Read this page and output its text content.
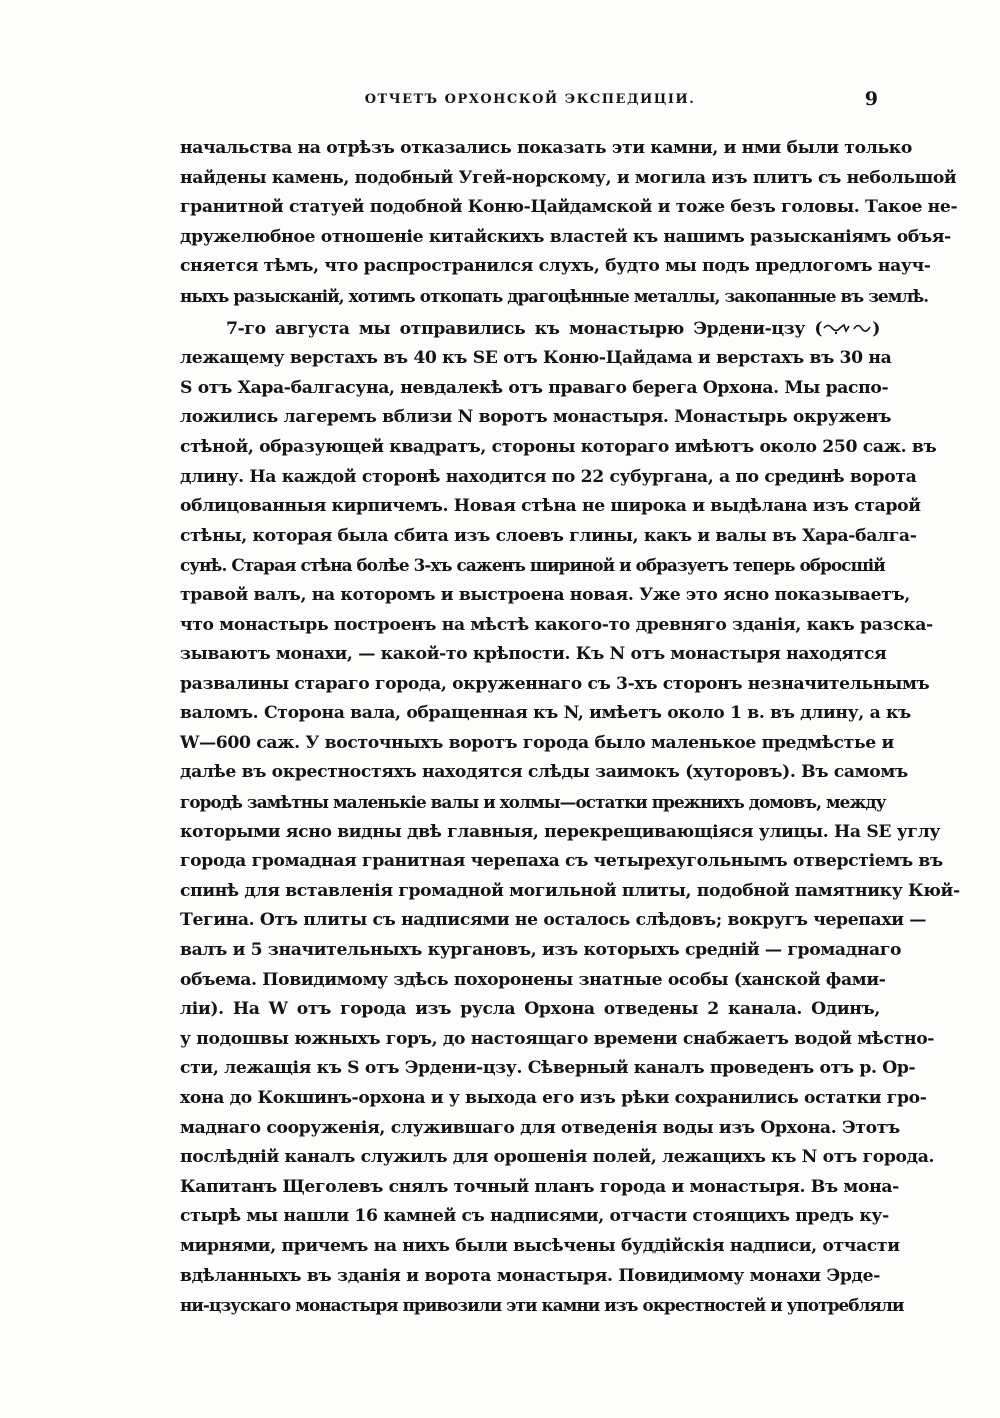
ОТЧЕТЪ ОРХОНСКОЙ ЭКСПЕДИЦІИ.	9
начальства на отрѣзъ отказались показать эти камни, и нми были только
найдены камень, подобный Угей-норскому, и могила изъ плитъ съ небольшой
гранитной статуей подобной Коню-Цайдамской и тоже безъ головы. Такое не-
дружелюбное отношеніе китайскихъ властей къ нашимъ разысканіямъ объя-
сняется тѣмъ, что распространился слухъ, будто мы подъ предлогомъ науч-
ныхъ разысканій, хотимъ откопать драгоцѣнные металлы, закопанные въ землѣ.
7-го августа мы отправились къ монастырю Эрдени-цзу (	)
лежащему верстахъ въ 40 къ SE отъ Коню-Цайдама и верстахъ въ 30 на
S отъ Хара-балгасуна, невдалекѣ отъ праваго берега Орхона. Мы распо-
ложились лагеремъ вблизи N воротъ монастыря. Монастырь окруженъ
стѣной, образующей квадратъ, стороны котораго имѣютъ около 250 саж. въ
длину. На каждой сторонѣ находится по 22 субургана, а по срединѣ ворота
облицованныя кирпичемъ. Новая стѣна не широка и выдѣлана изъ старой
стѣны, которая была сбита изъ слоевъ глины, какъ и валы въ Хара-балга-
сунѣ. Старая стѣна болѣе 3-хъ саженъ шириной и образуетъ теперь обросшій
травой валъ, на которомъ и выстроена новая. Уже это ясно показываетъ,
что монастырь построенъ на мѣстѣ какого-то древняго зданія, какъ разска-
зываютъ монахи, — какой-то крѣпости. Къ N отъ монастыря находятся
развалины стараго города, окруженнаго съ 3-хъ сторонъ незначительнымъ
валомъ. Сторона вала, обращенная къ N, имѣетъ около 1 в. въ длину, а къ
W—600 саж. У восточныхъ воротъ города было маленькое предмѣстье и
далѣе въ окрестностяхъ находятся слѣды заимокъ (хуторовъ). Въ самомъ
городѣ замѣтны маленькіе валы и холмы—остатки прежнихъ домовъ, между
которыми ясно видны двѣ главныя, перекрещивающіяся улицы. На SE углу
города громадная гранитная черепаха съ четырехугольнымъ отверстіемъ въ
спинѣ для вставленія громадной могильной плиты, подобной памятнику Кюй-
Тегина. Отъ плиты съ надписями не осталось слѣдовъ; вокругъ черепахи —
валъ и 5 значительныхъ кургановъ, изъ которыхъ средній — громаднаго
объема. Повидимому здѣсь похоронены знатные особы (ханской фами-
ліи). На W отъ города изъ русла Орхона отведены 2 канала. Одинъ,
у подошвы южныхъ горъ, до настоящаго времени снабжаетъ водой мѣстно-
сти, лежащія къ S отъ Эрдени-цзу. Сѣверный каналъ проведенъ отъ р. Ор-
хона до Кокшинъ-орхона и у выхода его изъ рѣки сохранились остатки гро-
маднаго сооруженія, служившаго для отведенія воды изъ Орхона. Этотъ
послѣдній каналъ служилъ для орошенія полей, лежащихъ къ N отъ города.
Капитанъ Щеголевъ снялъ точный планъ города и монастыря. Въ мона-
стырѣ мы нашли 16 камней съ надписями, отчасти стоящихъ предъ ку-
мирнями, причемъ на нихъ были высѣчены буддійскія надписи, отчасти
вдѣланныхъ въ зданія и ворота монастыря. Повидимому монахи Эрде-
ни-цзускаго монастыря привозили эти камни изъ окрестностей и употребляли
